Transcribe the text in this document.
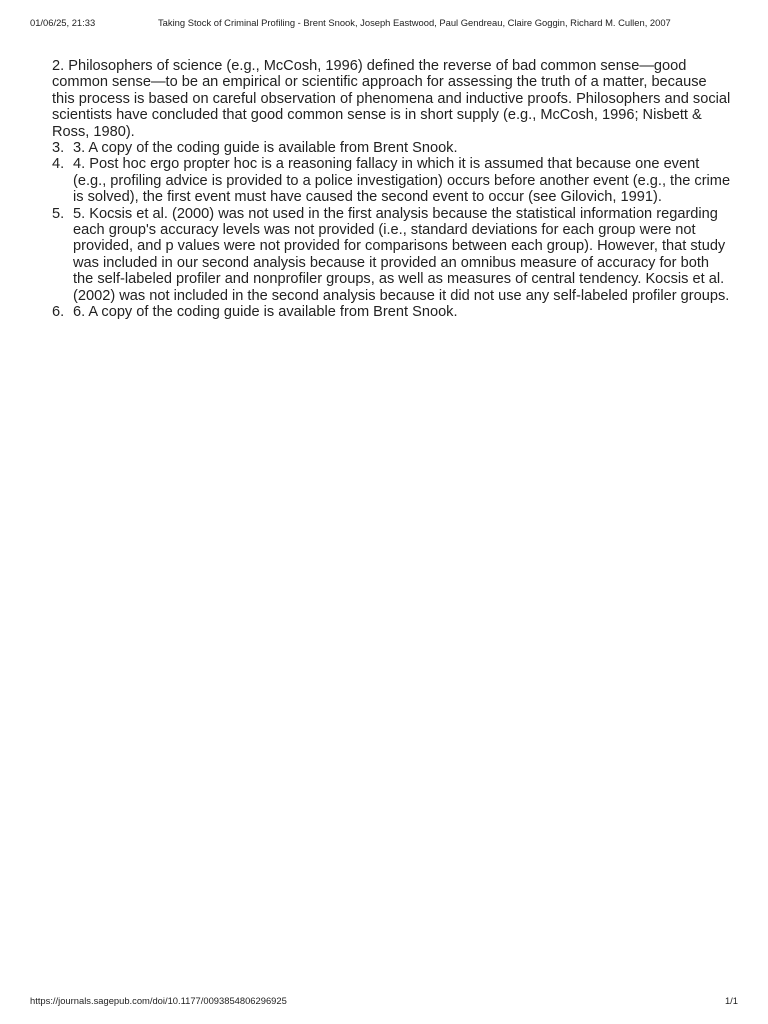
01/06/25, 21:33	Taking Stock of Criminal Profiling - Brent Snook, Joseph Eastwood, Paul Gendreau, Claire Goggin, Richard M. Cullen, 2007

2. Philosophers of science (e.g., McCosh, 1996) defined the reverse of bad common sense—good common sense—to be an empirical or scientific approach for assessing the truth of a matter, because this process is based on careful observation of phenomena and inductive proofs. Philosophers and social scientists have concluded that good common sense is in short supply (e.g., McCosh, 1996; Nisbett & Ross, 1980).

3. 3. A copy of the coding guide is available from Brent Snook.
4. 4. Post hoc ergo propter hoc is a reasoning fallacy in which it is assumed that because one event (e.g., profiling advice is provided to a police investigation) occurs before another event (e.g., the crime is solved), the first event must have caused the second event to occur (see Gilovich, 1991).
5. 5. Kocsis et al. (2000) was not used in the first analysis because the statistical information regarding each group's accuracy levels was not provided (i.e., standard deviations for each group were not provided, and p values were not provided for comparisons between each group). However, that study was included in our second analysis because it provided an omnibus measure of accuracy for both the self-labeled profiler and nonprofiler groups, as well as measures of central tendency. Kocsis et al. (2002) was not included in the second analysis because it did not use any self-labeled profiler groups.
6. 6. A copy of the coding guide is available from Brent Snook.
https://journals.sagepub.com/doi/10.1177/0093854806296925	1/1
